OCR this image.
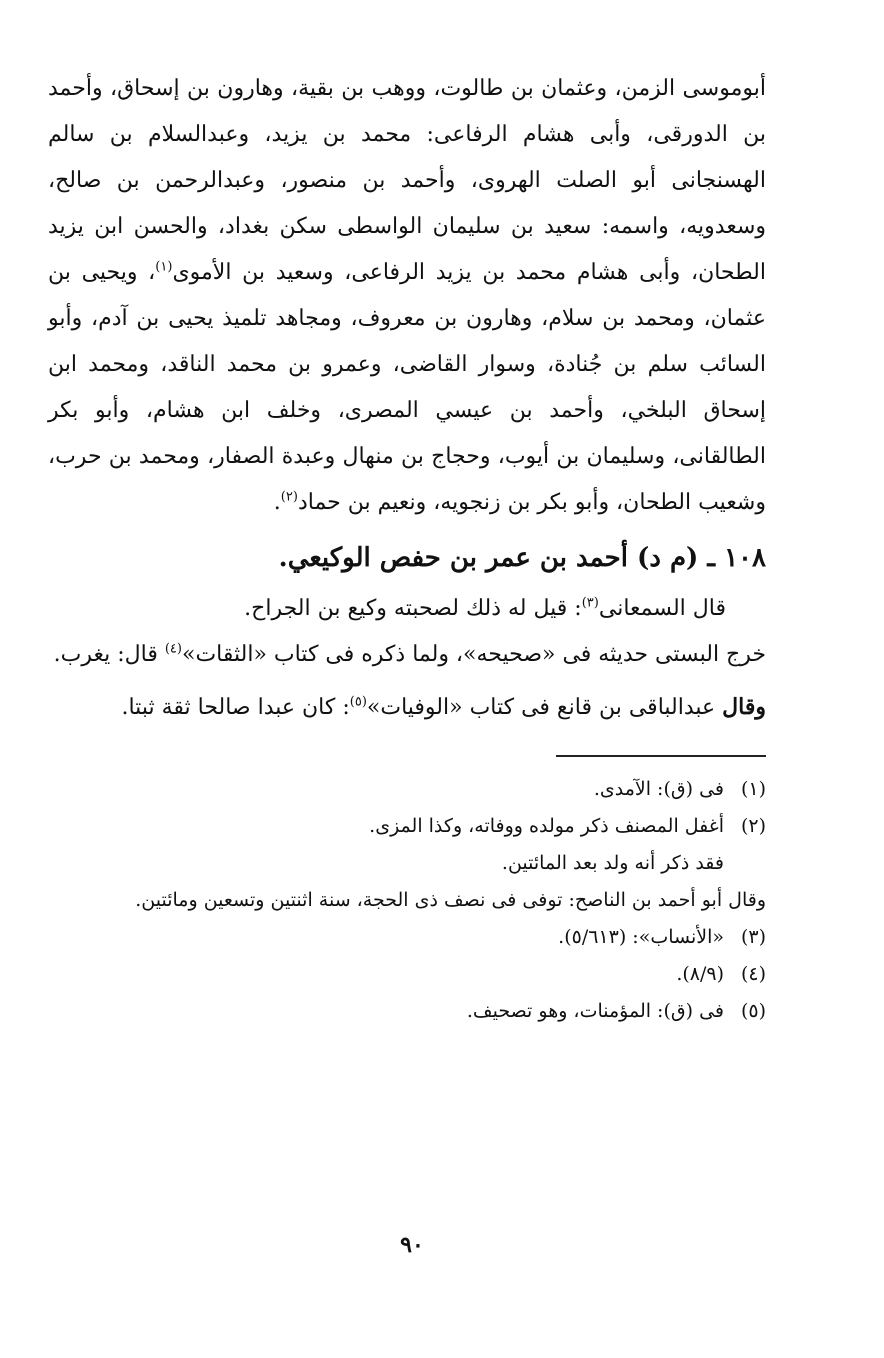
أبوموسى الزمن، وعثمان بن طالوت، ووهب بن بقية، وهارون بن إسحاق، وأحمد بن الدورقى، وأبى هشام الرفاعى: محمد بن يزيد، وعبدالسلام بن سالم الهسنجانى أبو الصلت الهروى، وأحمد بن منصور، وعبدالرحمن بن صالح، وسعدويه، واسمه: سعيد بن سليمان الواسطى سكن بغداد، والحسن ابن يزيد الطحان، وأبى هشام محمد بن يزيد الرفاعى، وسعيد بن الأموى$^{(١)}$، ويحيى بن عثمان، ومحمد بن سلام، وهارون بن معروف، ومجاهد تلميذ يحيى بن آدم، وأبو السائب سلم بن جُنادة، وسوار القاضى، وعمرو بن محمد الناقد، ومحمد ابن إسحاق البلخي، وأحمد بن عيسي المصرى، وخلف ابن هشام، وأبو بكر الطالقانى، وسليمان بن أيوب، وحجاج بن منهال وعبدة الصفار، ومحمد بن حرب، وشعيب الطحان، وأبو بكر بن زنجويه، ونعيم بن حماد$^{(٢)}$.

١٠٨ ـ (م د) أحمد بن عمر بن حفص الوكيعي.

قال السمعانى$^{(٣)}$: قيل له ذلك لصحبته وكيع بن الجراح.

خرج البستى حديثه فى «صحيحه»، ولما ذكره فى كتاب «الثقات»$^{(٤)}$ قال: يغرب.

وقال عبدالباقى بن قانع فى كتاب «الوفيات»$^{(٥)}$: كان عبدا صالحا ثقة ثبتا.

(١)
فى (ق): الآمدى.
(٢)
أغفل المصنف ذكر مولده ووفاته، وكذا المزى.
فقد ذكر أنه ولد بعد المائتين.
وقال أبو أحمد بن الناصح: توفى فى نصف ذى الحجة، سنة اثنتين وتسعين ومائتين.
(٣)
«الأنساب»: (٥/٦١٣).
(٤)
(٨/٩).
(٥)
فى (ق): المؤمنات، وهو تصحيف.
٩٠
